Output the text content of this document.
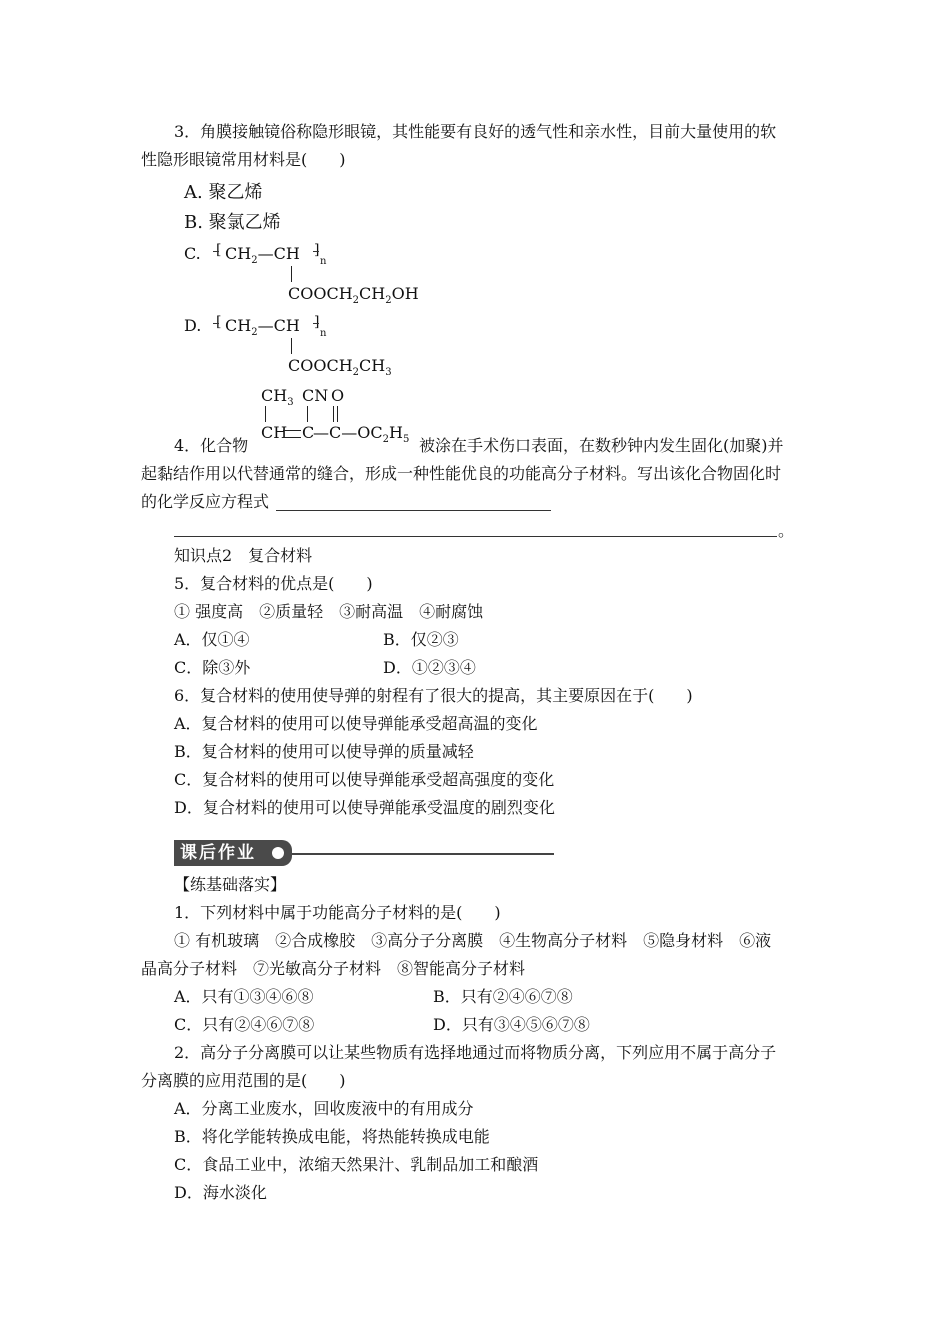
3．角膜接触镜俗称隐形眼镜，其性能要有良好的透气性和亲水性，目前大量使用的软
性隐形眼镜常用材料是(　　)
A. 聚乙烯
B. 聚氯乙烯
C. [ $CH_2—CH$ ]
n
$COOCH_2CH_2OH$
D. [ $CH_2—CH$ ]
n
$COOCH_2CH_3$
$CH_3$ CN O
CH C
$—C—OC_2H_5$
4．化合物	被涂在手术伤口表面，在数秒钟内发生固化(加聚)并
起黏结作用以代替通常的缝合，形成一种性能优良的功能高分子材料。写出该化合物固化时
的化学反应方程式
。
知识点2　复合材料
5．复合材料的优点是(　　)
① 强度高　②质量轻　③耐高温　④耐腐蚀
A．仅①④	B．仅②③
C．除③外	D．①②③④
6．复合材料的使用使导弹的射程有了很大的提高，其主要原因在于(　　)
A．复合材料的使用可以使导弹能承受超高温的变化
B．复合材料的使用可以使导弹的质量减轻
C．复合材料的使用可以使导弹能承受超高强度的变化
D．复合材料的使用可以使导弹能承受温度的剧烈变化
课后作业
【练基础落实】
1．下列材料中属于功能高分子材料的是(　　)
① 有机玻璃　②合成橡胶　③高分子分离膜　④生物高分子材料　⑤隐身材料　⑥液
晶高分子材料　⑦光敏高分子材料　⑧智能高分子材料
A．只有①③④⑥⑧	B．只有②④⑥⑦⑧
C．只有②④⑥⑦⑧	D．只有③④⑤⑥⑦⑧
2．高分子分离膜可以让某些物质有选择地通过而将物质分离，下列应用不属于高分子
分离膜的应用范围的是(　　)
A．分离工业废水，回收废液中的有用成分
B．将化学能转换成电能，将热能转换成电能
C．食品工业中，浓缩天然果汁、乳制品加工和酿酒
D．海水淡化
